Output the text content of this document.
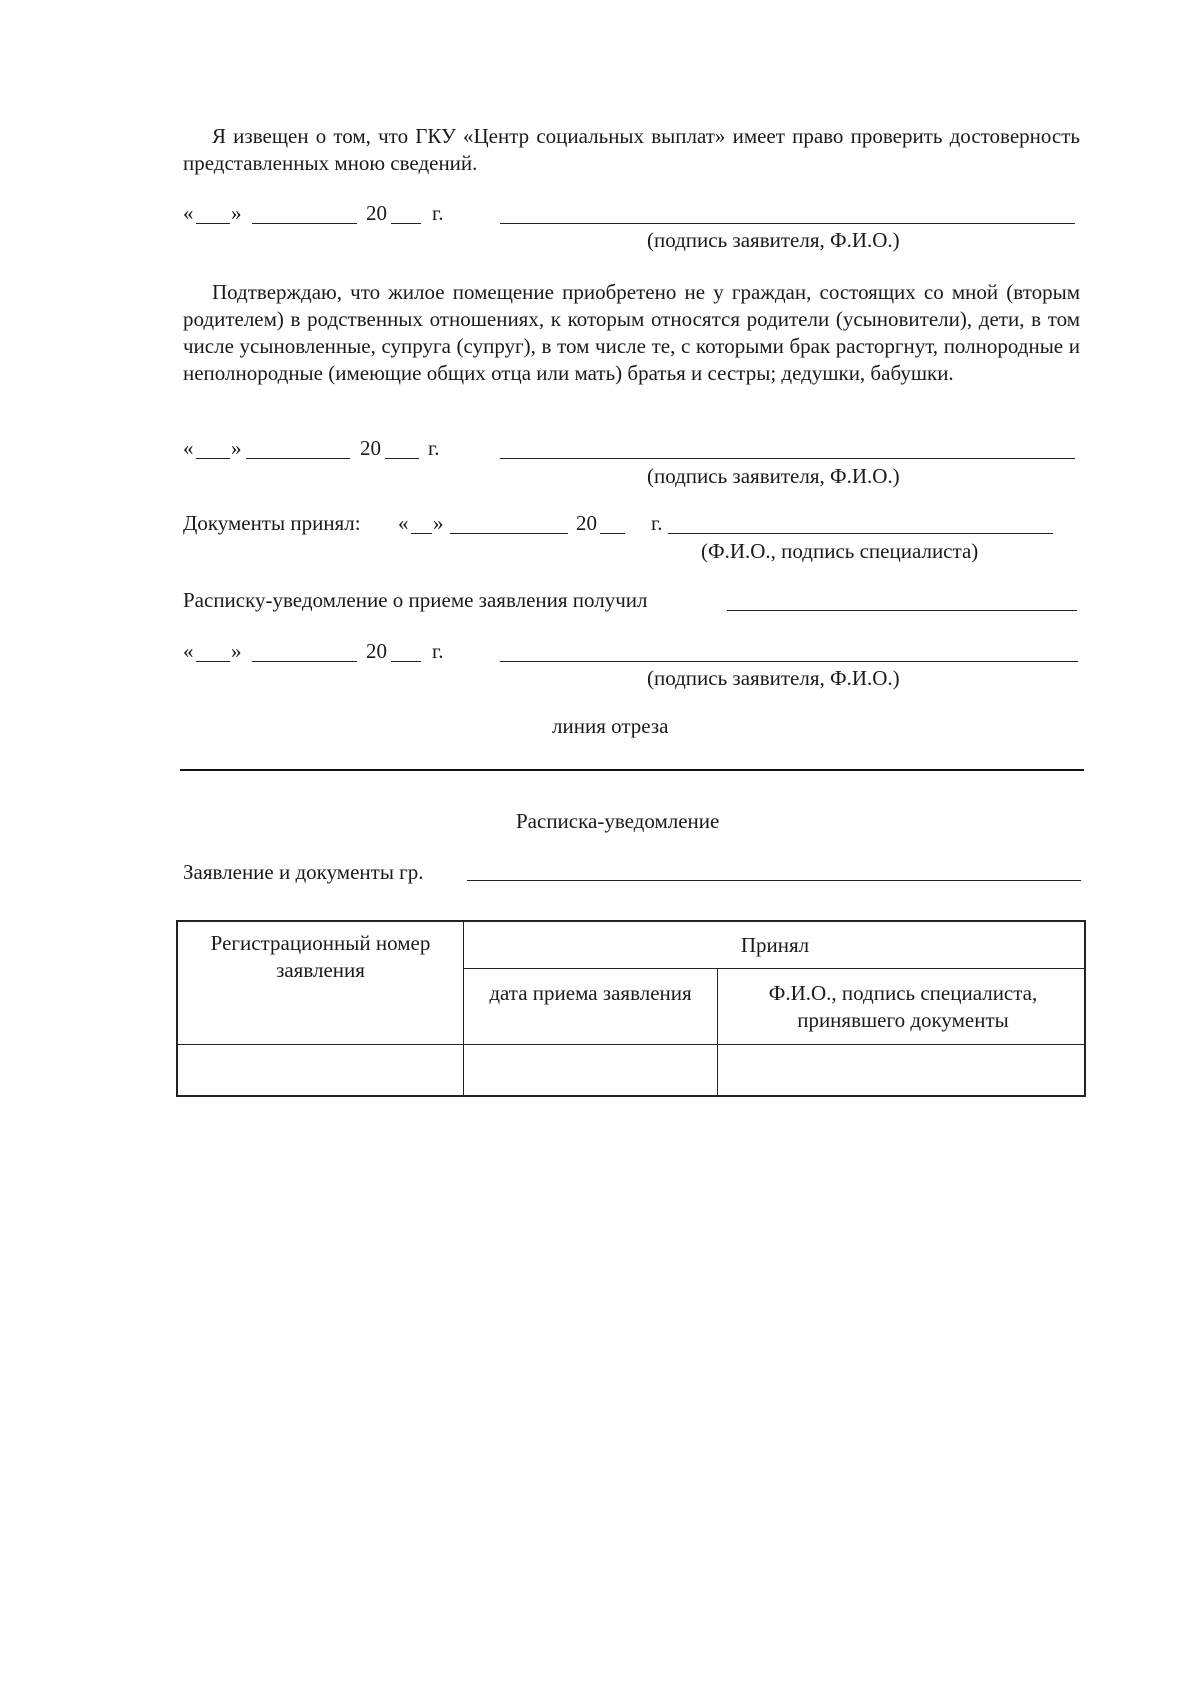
Я извещен о том, что ГКУ «Центр социальных выплат» имеет право проверить достоверность представленных мною сведений.
« »	20 г.
(подпись заявителя, Ф.И.О.)
Подтверждаю, что жилое помещение приобретено не у граждан, состоящих со мной (вторым родителем) в родственных отношениях, к которым относятся родители (усыновители), дети, в том числе усыновленные, супруга (супруг), в том числе те, с которыми брак расторгнут, полнородные и неполнородные (имеющие общих отца или мать) братья и сестры; дедушки, бабушки.
« »	20 г.
(подпись заявителя, Ф.И.О.)
Документы принял: « »	20	г.
(Ф.И.О., подпись специалиста)
Расписку-уведомление о приеме заявления получил
« »	20 г.
(подпись заявителя, Ф.И.О.)
линия отреза
Расписка-уведомление
Заявление и документы гр.
Регистрационный номер заявления
Принял
дата приема заявления	Ф.И.О., подпись специалиста, принявшего документы
